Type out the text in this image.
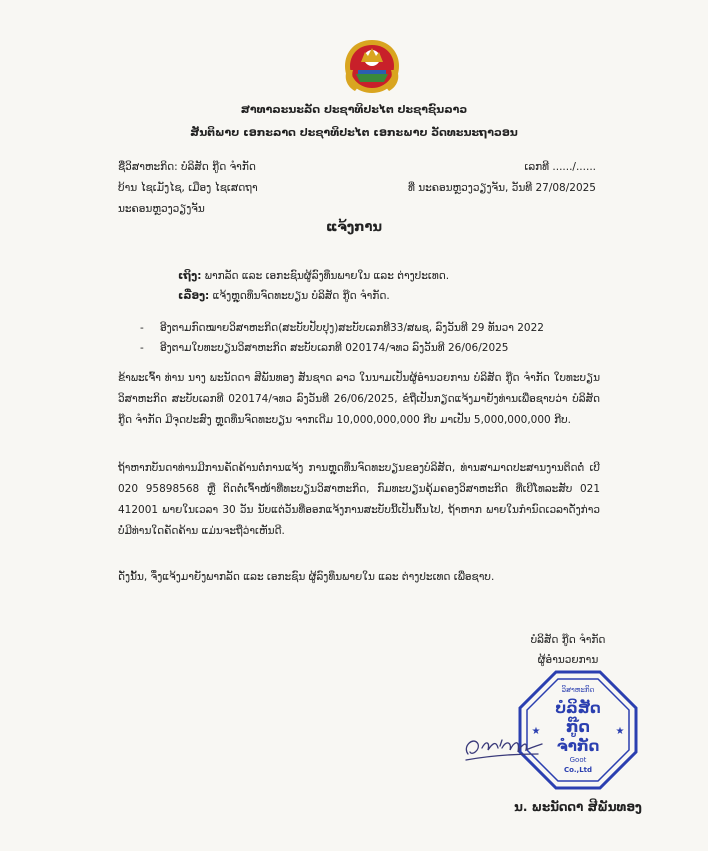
ສາທາລະນະລັດ ປະຊາທິປະໄຕ ປະຊາຊົນລາວ
ສັນຕິພາບ ເອກະລາດ ປະຊາທິປະໄຕ ເອກະພາບ ວັດທະນະຖາວອນ
ຊື່ວິສາຫະກິດ: ບໍລິສັດ ກູ໊ດ ຈຳກັດ
ບ້ານ ໄຊເມັງໄຊ, ເມືອງ ໄຊເສດຖາ
ນະຄອນຫຼວງວຽງຈັນ
ເລກທີ ....../......
ທີ່ ນະຄອນຫຼວງວຽງຈັນ, ວັນທີ 27/08/2025
ແຈ້ງການ
ເຖິງ: ພາກລັດ ແລະ ເອກະຊົນຜູ້ລົງທຶນພາຍໃນ ແລະ ຕ່າງປະເທດ.
ເລື່ອງ: ແຈ້ງຫຼຸດທຶນຈົດທະບຽນ ບໍລິສັດ ກູ໊ດ ຈຳກັດ.
- ອີງຕາມກົດໝາຍວິສາຫະກິດ(ສະບັບປັບປຸງ)ສະບັບເລກທີ33/ສພຊ, ລົງວັນທີ 29 ທັນວາ 2022
- ອີງຕາມໃບທະບຽນວິສາຫະກິດ ສະບັບເລກທີ 020174/ຈທວ ລົງວັນທີ 26/06/2025
ຂ້າພະເຈົ້າ ທ່ານ ນາງ ພະນັດດາ ສີພັນທອງ ສັນຊາດ ລາວ ໃນນາມເປັນຜູ້ອຳນວຍການ ບໍລິສັດ ກູ໊ດ ຈຳກັດ ໃບທະບຽນວິສາຫະກິດ ສະບັບເລກທີ 020174/ຈທວ ລົງວັນທີ 26/06/2025, ຂໍຖືເປັນກຽດແຈ້ງມາຍັງທ່ານເພື່ອຊາບວ່າ ບໍລິສັດ ກູ໊ດ ຈຳກັດ ມີຈຸດປະສົງ ຫຼຸດທຶນຈົດທະບຽນ ຈາກເດີມ 10,000,000,000 ກີບ ມາເປັນ 5,000,000,000 ກີບ.
ຖ້າຫາກບັນດາທ່ານມີການຄັດຄ້ານຕໍ່ການແຈ້ງ ການຫຼຸດທຶນຈົດທະບຽນຂອງບໍລິສັດ, ທ່ານສາມາດປະສານງານຕິດຕໍ່ ເບີ 020 95898568 ຫຼື ຕິດຕໍ່ເຈົ້າໜ້າທີ່ທະບຽນວິສາຫະກິດ, ກົມທະບຽນຄຸ້ມຄອງວິສາຫະກິດ ທີ່ເບີໂທລະສັບ 021 412001 ພາຍໃນເວລາ 30 ວັນ ນັບແຕ່ວັນທີ່ອອກແຈ້ງການສະບັບນີ້ເປັນຕົ້ນໄປ, ຖ້າຫາກ ພາຍໃນກຳນົດເວລາດັ່ງກ່າວ ບໍ່ມີທ່ານໃດຄັດຄ້ານ ແມ່ນຈະຖືວ່າເຫັນດີ.
ດັ່ງນັ້ນ, ຈຶ່ງແຈ້ງມາຍັງພາກລັດ ແລະ ເອກະຊົນ ຜູ້ລົງທຶນພາຍໃນ ແລະ ຕ່າງປະເທດ ເພື່ອຊາບ.
ບໍລິສັດ ກູ໊ດ ຈຳກັດ
ຜູ້ອຳນວຍການ
ວິສາຫະກິດ
ບໍລິສັດ
ກູ໊ດ
ຈຳກັດ
Goot
Co.,Ltd
★	★
ນ. ພະນັດດາ ສີພັນທອງ
